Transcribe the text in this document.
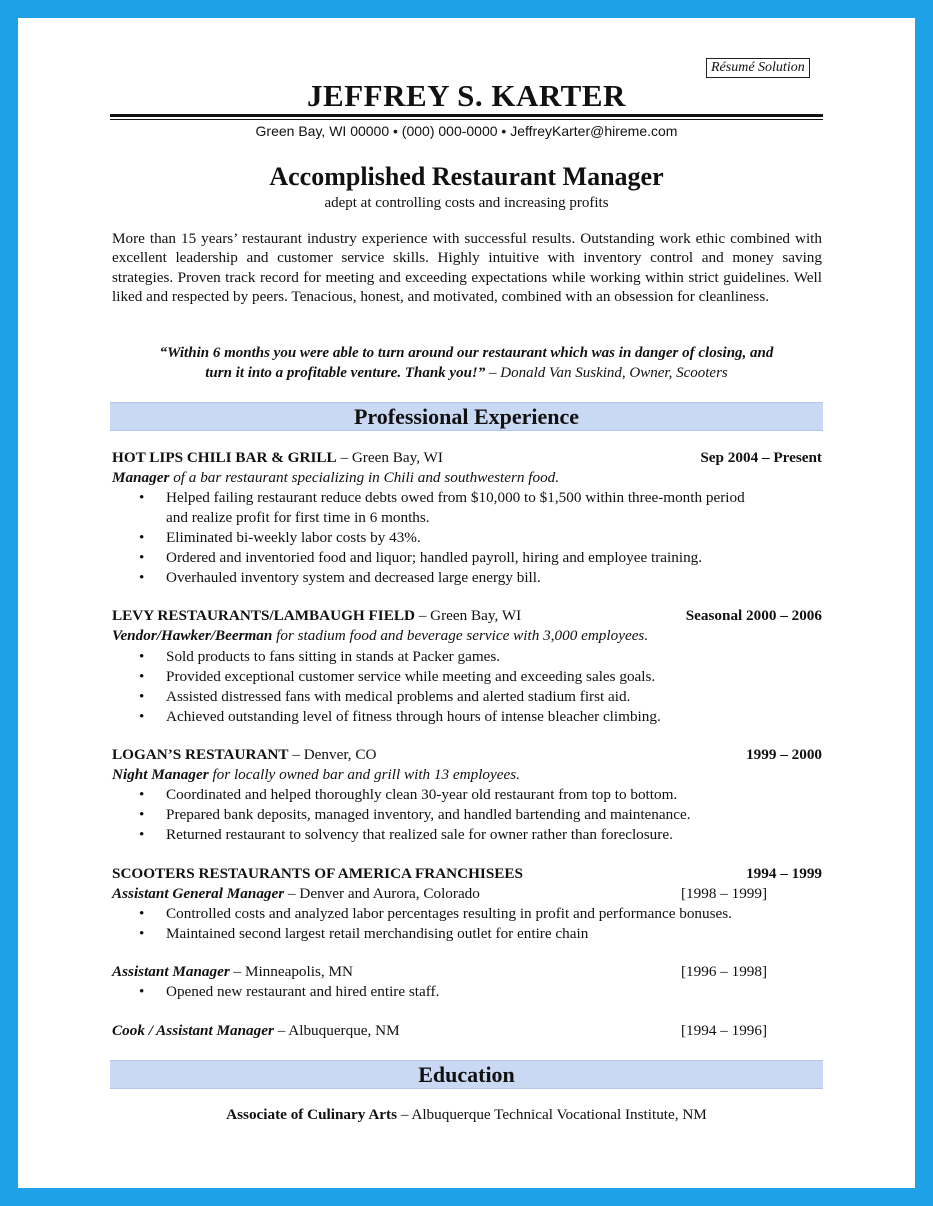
Résumé Solution
JEFFREY S. KARTER
Green Bay, WI 00000 • (000) 000-0000 • JeffreyKarter@hireme.com
Accomplished Restaurant Manager
adept at controlling costs and increasing profits
More than 15 years’ restaurant industry experience with successful results. Outstanding work ethic combined with excellent leadership and customer service skills. Highly intuitive with inventory control and money saving strategies. Proven track record for meeting and exceeding expectations while working within strict guidelines. Well liked and respected by peers. Tenacious, honest, and motivated, combined with an obsession for cleanliness.
“Within 6 months you were able to turn around our restaurant which was in danger of closing, and
turn it into a profitable venture. Thank you!” – Donald Van Suskind, Owner, Scooters
Professional Experience
HOT LIPS CHILI BAR & GRILL – Green Bay, WI	Sep 2004 – Present
Manager of a bar restaurant specializing in Chili and southwestern food.
• Helped failing restaurant reduce debts owed from $10,000 to $1,500 within three-month period
and realize profit for first time in 6 months.
• Eliminated bi-weekly labor costs by 43%.
• Ordered and inventoried food and liquor; handled payroll, hiring and employee training.
• Overhauled inventory system and decreased large energy bill.
LEVY RESTAURANTS/LAMBAUGH FIELD – Green Bay, WI	Seasonal 2000 – 2006
Vendor/Hawker/Beerman for stadium food and beverage service with 3,000 employees.
• Sold products to fans sitting in stands at Packer games.
• Provided exceptional customer service while meeting and exceeding sales goals.
• Assisted distressed fans with medical problems and alerted stadium first aid.
• Achieved outstanding level of fitness through hours of intense bleacher climbing.
LOGAN’S RESTAURANT – Denver, CO	1999 – 2000
Night Manager for locally owned bar and grill with 13 employees.
• Coordinated and helped thoroughly clean 30-year old restaurant from top to bottom.
• Prepared bank deposits, managed inventory, and handled bartending and maintenance.
• Returned restaurant to solvency that realized sale for owner rather than foreclosure.
SCOOTERS RESTAURANTS OF AMERICA FRANCHISEES	1994 – 1999
Assistant General Manager – Denver and Aurora, Colorado	[1998 – 1999]
• Controlled costs and analyzed labor percentages resulting in profit and performance bonuses.
• Maintained second largest retail merchandising outlet for entire chain
Assistant Manager – Minneapolis, MN	[1996 – 1998]
• Opened new restaurant and hired entire staff.
Cook / Assistant Manager – Albuquerque, NM	[1994 – 1996]
Education
Associate of Culinary Arts – Albuquerque Technical Vocational Institute, NM
